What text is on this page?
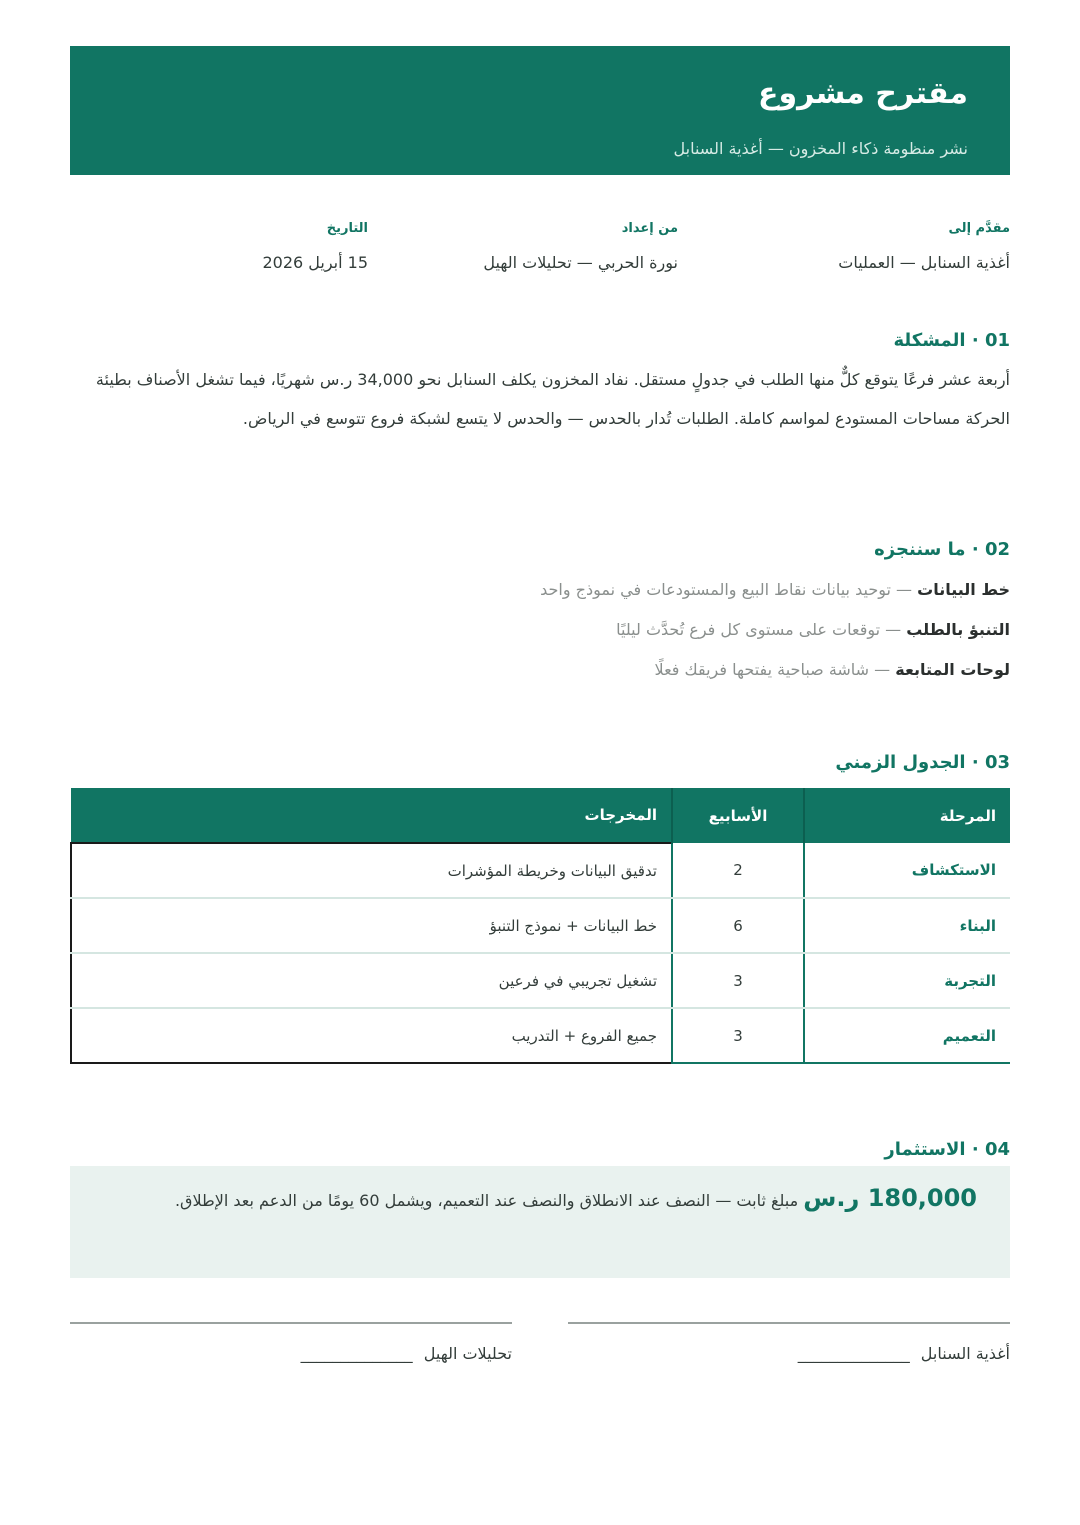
مقترح مشروع
نشر منظومة ذكاء المخزون — أغذية السنابل
مقدَّم إلى
أغذية السنابل — العمليات
من إعداد
نورة الحربي — تحليلات الهيل
التاريخ
15 أبريل 2026
01 · المشكلة
أربعة عشر فرعًا يتوقع كلٌّ منها الطلب في جدولٍ مستقل. نفاد المخزون يكلف السنابل نحو 34,000 ر.س شهريًا، فيما تشغل الأصناف بطيئة الحركة مساحات المستودع لمواسم كاملة. الطلبات تُدار بالحدس — والحدس لا يتسع لشبكة فروع تتوسع في الرياض.
02 · ما سننجزه
خط البيانات — توحيد بيانات نقاط البيع والمستودعات في نموذج واحد
التنبؤ بالطلب — توقعات على مستوى كل فرع تُحدَّث ليليًا
لوحات المتابعة — شاشة صباحية يفتحها فريقك فعلًا
03 · الجدول الزمني
المرحلة	الأسابيع	المخرجات
الاستكشاف	2	تدقيق البيانات وخريطة المؤشرات
البناء	6	خط البيانات + نموذج التنبؤ
التجربة	3	تشغيل تجريبي في فرعين
التعميم	3	جميع الفروع + التدريب
04 · الاستثمار
180,000 ر.س مبلغ ثابت — النصف عند الانطلاق والنصف عند التعميم، ويشمل 60 يومًا من الدعم بعد الإطلاق.
أغذية السنابل ______________
تحليلات الهيل ______________
